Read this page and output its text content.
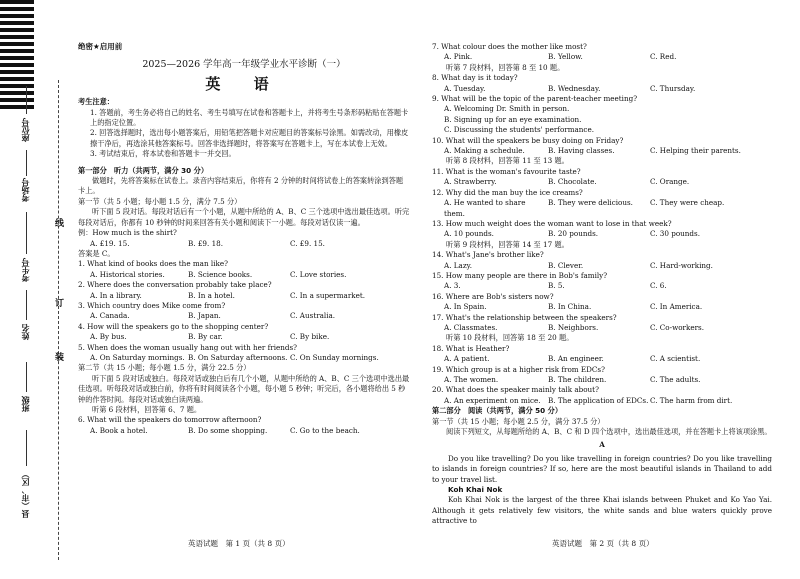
座位号
考场号
考生号
姓名
班级
县（市、区）
线
订
装
绝密★启用前
2025—2026 学年高一年级学业水平诊断（一）
英 语
考生注意：
1. 答题前，考生务必将自己的姓名、考生号填写在试卷和答题卡上，并将考生号条形码粘贴在答题卡上的指定位置。
2. 回答选择题时，选出每小题答案后，用铅笔把答题卡对应题目的答案标号涂黑。如需改动，用橡皮擦干净后，再选涂其他答案标号。回答非选择题时，将答案写在答题卡上，写在本试卷上无效。
3. 考试结束后，将本试卷和答题卡一并交回。
第一部分　听力（共两节，满分 30 分）
做题时，先将答案标在试卷上。录音内容结束后，你将有 2 分钟的时间将试卷上的答案转涂到答题卡上。
第一节（共 5 小题；每小题 1.5 分，满分 7.5 分）
听下面 5 段对话。每段对话后有一个小题，从题中所给的 A、B、C 三个选项中选出最佳选项。听完每段对话后，你都有 10 秒钟的时间来回答有关小题和阅读下一小题。每段对话仅读一遍。
例：How much is the shirt?
A. £19. 15.	B. £9. 18.	C. £9. 15.
答案是 C。
1. What kind of books does the man like?
A. Historical stories.	B. Science books.	C. Love stories.
2. Where does the conversation probably take place?
A. In a library.	B. In a hotel.	C. In a supermarket.
3. Which country does Mike come from?
A. Canada.	B. Japan.	C. Australia.
4. How will the speakers go to the shopping center?
A. By bus.	B. By car.	C. By bike.
5. When does the woman usually hang out with her friends?
A. On Saturday mornings. B. On Saturday afternoons. C. On Sunday mornings.
第二节（共 15 小题；每小题 1.5 分，满分 22.5 分）
听下面 5 段对话或独白。每段对话或独白后有几个小题，从题中所给的 A、B、C 三个选项中选出最佳选项。听每段对话或独白前，你将有时间阅读各个小题，每小题 5 秒钟；听完后，各小题将给出 5 秒钟的作答时间。每段对话或独白读两遍。
听第 6 段材料，回答第 6、7 题。
6. What will the speakers do tomorrow afternoon?
A. Book a hotel.	B. Do some shopping.	C. Go to the beach.
英语试题　第 1 页（共 8 页）
7. What colour does the mother like most?
A. Pink.	B. Yellow.	C. Red.
听第 7 段材料，回答第 8 至 10 题。
8. What day is it today?
A. Tuesday.	B. Wednesday.	C. Thursday.
9. What will be the topic of the parent-teacher meeting?
A. Welcoming Dr. Smith in person.
B. Signing up for an eye examination.
C. Discussing the students' performance.
10. What will the speakers be busy doing on Friday?
A. Making a schedule.	B. Having classes.	C. Helping their parents.
听第 8 段材料，回答第 11 至 13 题。
11. What is the woman's favourite taste?
A. Strawberry.	B. Chocolate.	C. Orange.
12. Why did the man buy the ice creams?
A. He wanted to share them.
B. They were delicious.	C. They were cheap.
13. How much weight does the woman want to lose in that week?
A. 10 pounds.	B. 20 pounds.	C. 30 pounds.
听第 9 段材料，回答第 14 至 17 题。
14. What's Jane's brother like?
A. Lazy.	B. Clever.	C. Hard-working.
15. How many people are there in Bob's family?
A. 3.	B. 5.	C. 6.
16. Where are Bob's sisters now?
A. In Spain.	B. In China.	C. In America.
17. What's the relationship between the speakers?
A. Classmates.	B. Neighbors.	C. Co-workers.
听第 10 段材料，回答第 18 至 20 题。
18. What is Heather?
A. A patient.	B. An engineer.	C. A scientist.
19. Which group is at a higher risk from EDCs?
A. The women.	B. The children.	C. The adults.
20. What does the speaker mainly talk about?
A. An experiment on mice.	B. The application of EDCs. C. The harm from dirt.
第二部分　阅读（共两节，满分 50 分）
第一节（共 15 小题；每小题 2.5 分，满分 37.5 分）
阅读下列短文，从每题所给的 A、B、C 和 D 四个选项中，选出最佳选项，并在答题卡上将该项涂黑。
A
Do you like travelling? Do you like travelling in foreign countries? Do you like travelling to islands in foreign countries? If so, here are the most beautiful islands in Thailand to add to your travel list.
Koh Khai Nok
Koh Khai Nok is the largest of the three Khai islands between Phuket and Ko Yao Yai. Although it gets relatively few visitors, the white sands and blue waters quickly prove attractive to
英语试题　第 2 页（共 8 页）
